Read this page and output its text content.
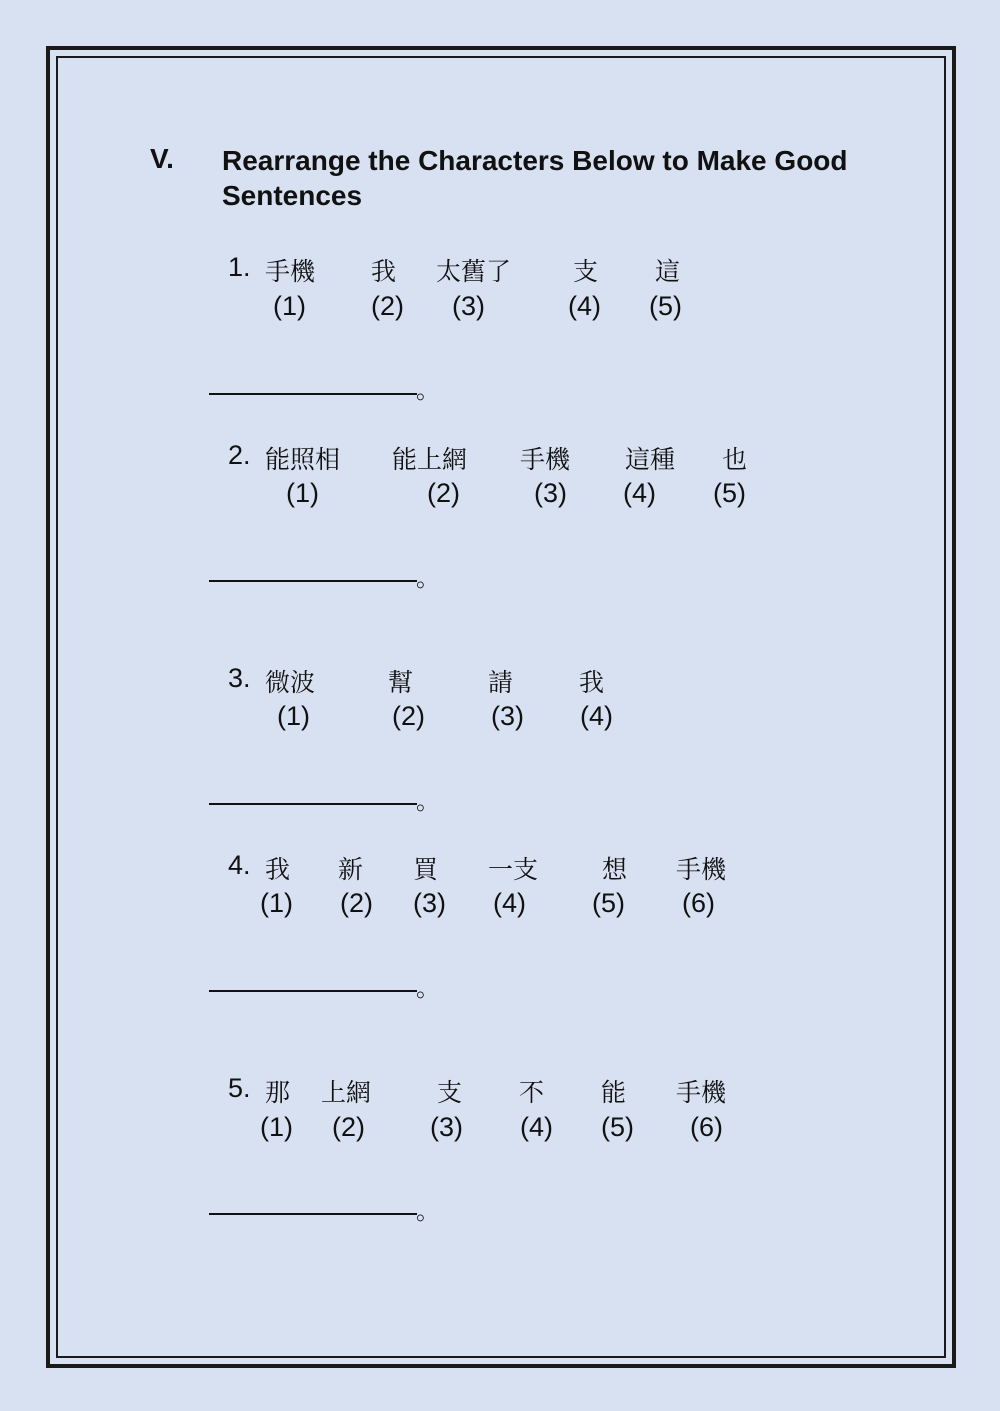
V. Rearrange the Characters Below to Make Good Sentences
1. 手機 我 太舊了 支 這
(1) (2) (3)	(4) (5)
。
2. 能照相 能上網 手機 這種 也
(1)	(2)	(3) (4) (5)
。
3. 微波	幫	請	我
(1)	(2) (3) (4)
。
4. 我 新 買 一支	想 手機
(1) (2) (3) (4) (5) (6)
。
5. 那 上網	支 不 能 手機
(1) (2) (3) (4) (5) (6)
。
